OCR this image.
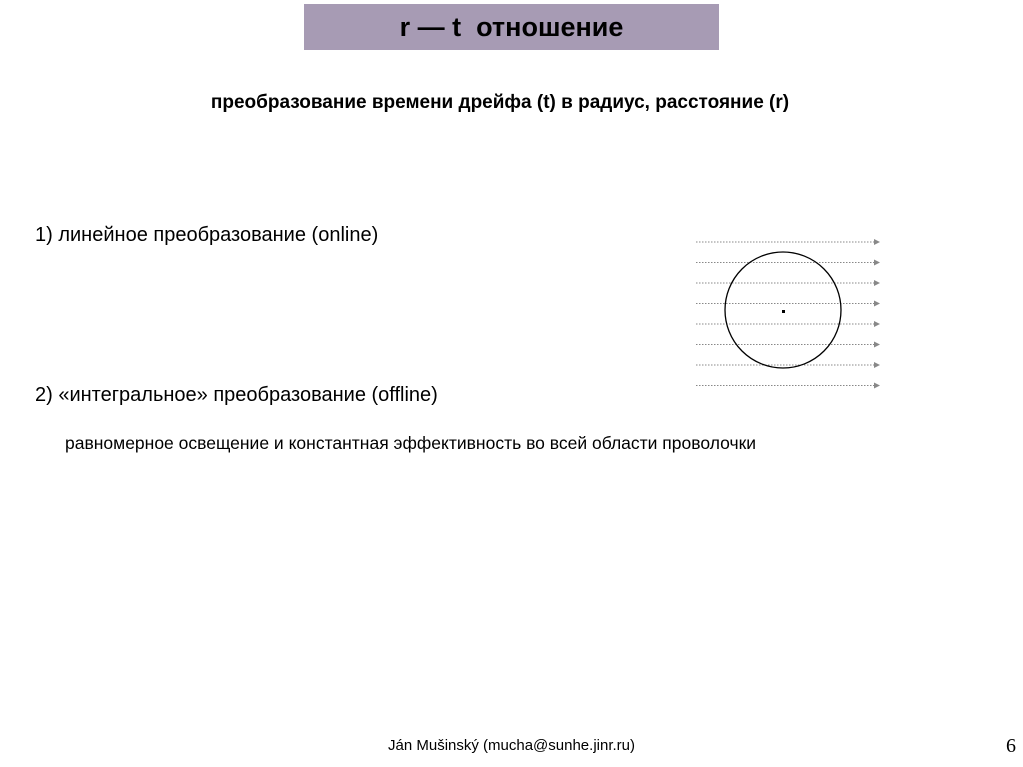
r — t  отношение
преобразование времени дрейфа (t) в радиус, расстояние (r)
1) линейное преобразование (online)
2) «интегральное» преобразование (offline)
равномерное освещение и константная эффективность во всей области проволочки
Ján Mušinský (mucha@sunhe.jinr.ru)	6
